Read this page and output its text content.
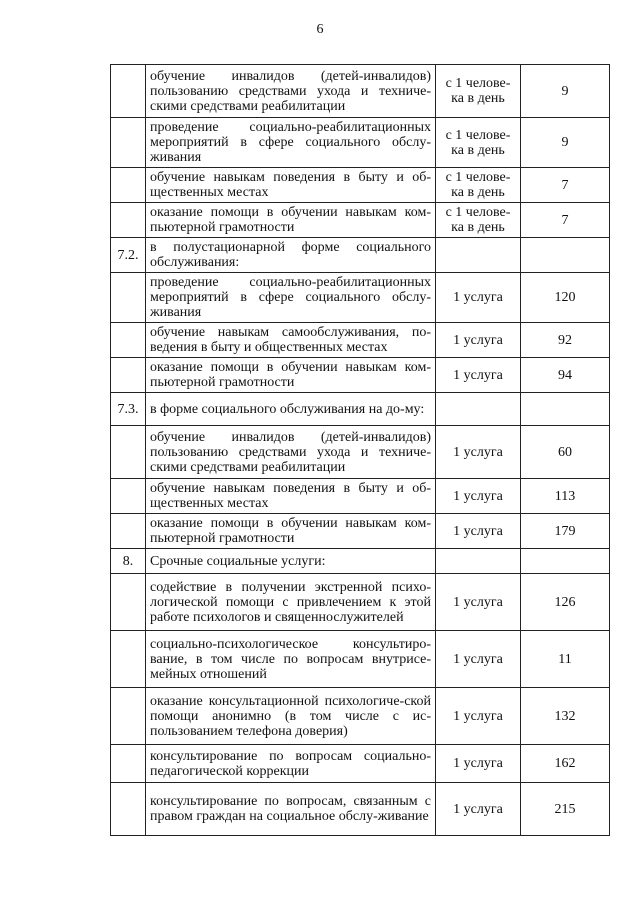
6
	обучение инвалидов (детей-инвалидов) пользованию средствами ухода и техниче-скими средствами реабилитации	с 1 челове-ка в день	9
	проведение социально-реабилитационных мероприятий в сфере социального обслу-живания	с 1 челове-ка в день	9
	обучение навыкам поведения в быту и об-щественных местах	с 1 челове-ка в день	7
	оказание помощи в обучении навыкам ком-пьютерной грамотности	с 1 челове-ка в день	7
7.2.	в полустационарной форме социального обслуживания:		
	проведение социально-реабилитационных мероприятий в сфере социального обслу-живания	1 услуга	120
	обучение навыкам самообслуживания, по-ведения в быту и общественных местах	1 услуга	92
	оказание помощи в обучении навыкам ком-пьютерной грамотности	1 услуга	94
7.3.	в форме социального обслуживания на до-му:		
	обучение инвалидов (детей-инвалидов) пользованию средствами ухода и техниче-скими средствами реабилитации	1 услуга	60
	обучение навыкам поведения в быту и об-щественных местах	1 услуга	113
	оказание помощи в обучении навыкам ком-пьютерной грамотности	1 услуга	179
8.	Срочные социальные услуги:		
	содействие в получении экстренной психо-логической помощи с привлечением к этой работе психологов и священнослужителей	1 услуга	126
	социально-психологическое консультиро-вание, в том числе по вопросам внутрисе-мейных отношений	1 услуга	11
	оказание консультационной психологиче-ской помощи анонимно (в том числе с ис-пользованием телефона доверия)	1 услуга	132
	консультирование по вопросам социально-педагогической коррекции	1 услуга	162
	консультирование по вопросам, связанным с правом граждан на социальное обслу-живание	1 услуга	215
